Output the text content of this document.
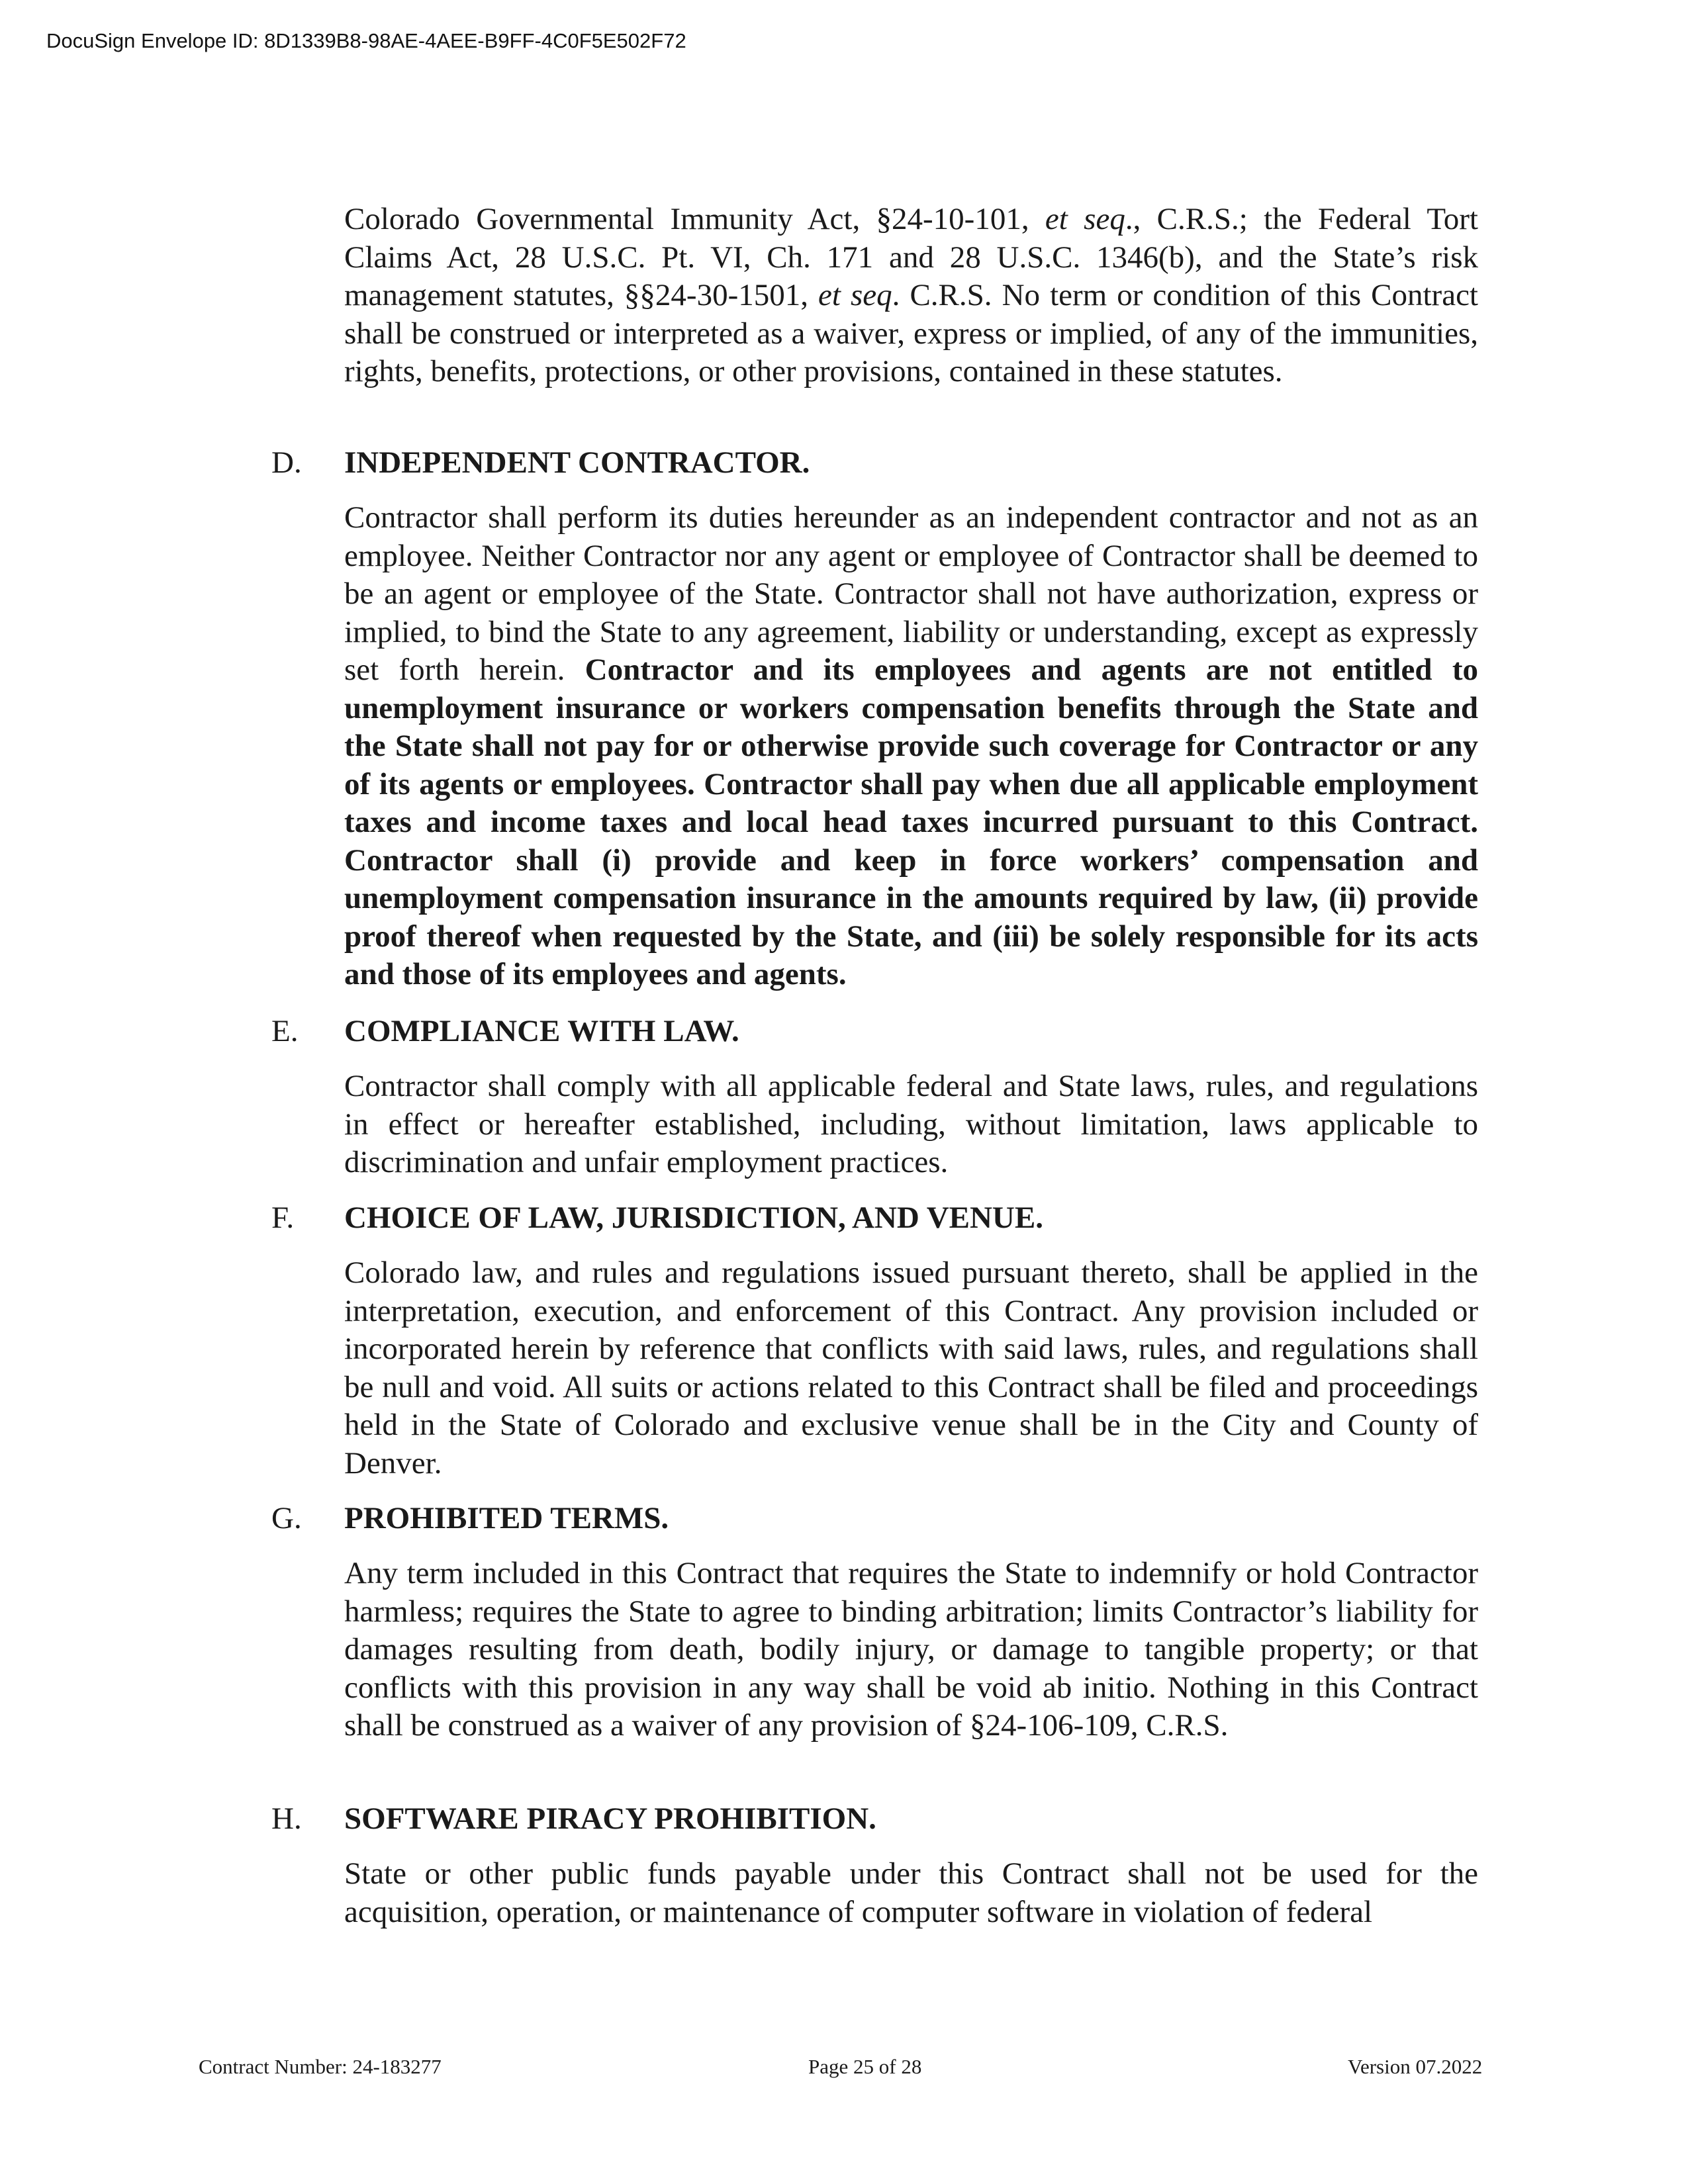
DocuSign Envelope ID: 8D1339B8-98AE-4AEE-B9FF-4C0F5E502F72
Colorado Governmental Immunity Act, §24-10-101, et seq., C.R.S.; the Federal Tort Claims Act, 28 U.S.C. Pt. VI, Ch. 171 and 28 U.S.C. 1346(b), and the State’s risk management statutes, §§24-30-1501, et seq. C.R.S. No term or condition of this Contract shall be construed or interpreted as a waiver, express or implied, of any of the immunities, rights, benefits, protections, or other provisions, contained in these statutes.
D. INDEPENDENT CONTRACTOR.
Contractor shall perform its duties hereunder as an independent contractor and not as an employee. Neither Contractor nor any agent or employee of Contractor shall be deemed to be an agent or employee of the State. Contractor shall not have authorization, express or implied, to bind the State to any agreement, liability or understanding, except as expressly set forth herein. Contractor and its employees and agents are not entitled to unemployment insurance or workers compensation benefits through the State and the State shall not pay for or otherwise provide such coverage for Contractor or any of its agents or employees. Contractor shall pay when due all applicable employment taxes and income taxes and local head taxes incurred pursuant to this Contract. Contractor shall (i) provide and keep in force workers’ compensation and unemployment compensation insurance in the amounts required by law, (ii) provide proof thereof when requested by the State, and (iii) be solely responsible for its acts and those of its employees and agents.
E. COMPLIANCE WITH LAW.
Contractor shall comply with all applicable federal and State laws, rules, and regulations in effect or hereafter established, including, without limitation, laws applicable to discrimination and unfair employment practices.
F. CHOICE OF LAW, JURISDICTION, AND VENUE.
Colorado law, and rules and regulations issued pursuant thereto, shall be applied in the interpretation, execution, and enforcement of this Contract. Any provision included or incorporated herein by reference that conflicts with said laws, rules, and regulations shall be null and void. All suits or actions related to this Contract shall be filed and proceedings held in the State of Colorado and exclusive venue shall be in the City and County of Denver.
G. PROHIBITED TERMS.
Any term included in this Contract that requires the State to indemnify or hold Contractor harmless; requires the State to agree to binding arbitration; limits Contractor’s liability for damages resulting from death, bodily injury, or damage to tangible property; or that conflicts with this provision in any way shall be void ab initio. Nothing in this Contract shall be construed as a waiver of any provision of §24-106-109, C.R.S.
H. SOFTWARE PIRACY PROHIBITION.
State or other public funds payable under this Contract shall not be used for the acquisition, operation, or maintenance of computer software in violation of federal
Contract Number: 24-183277	Page 25 of 28	Version 07.2022
